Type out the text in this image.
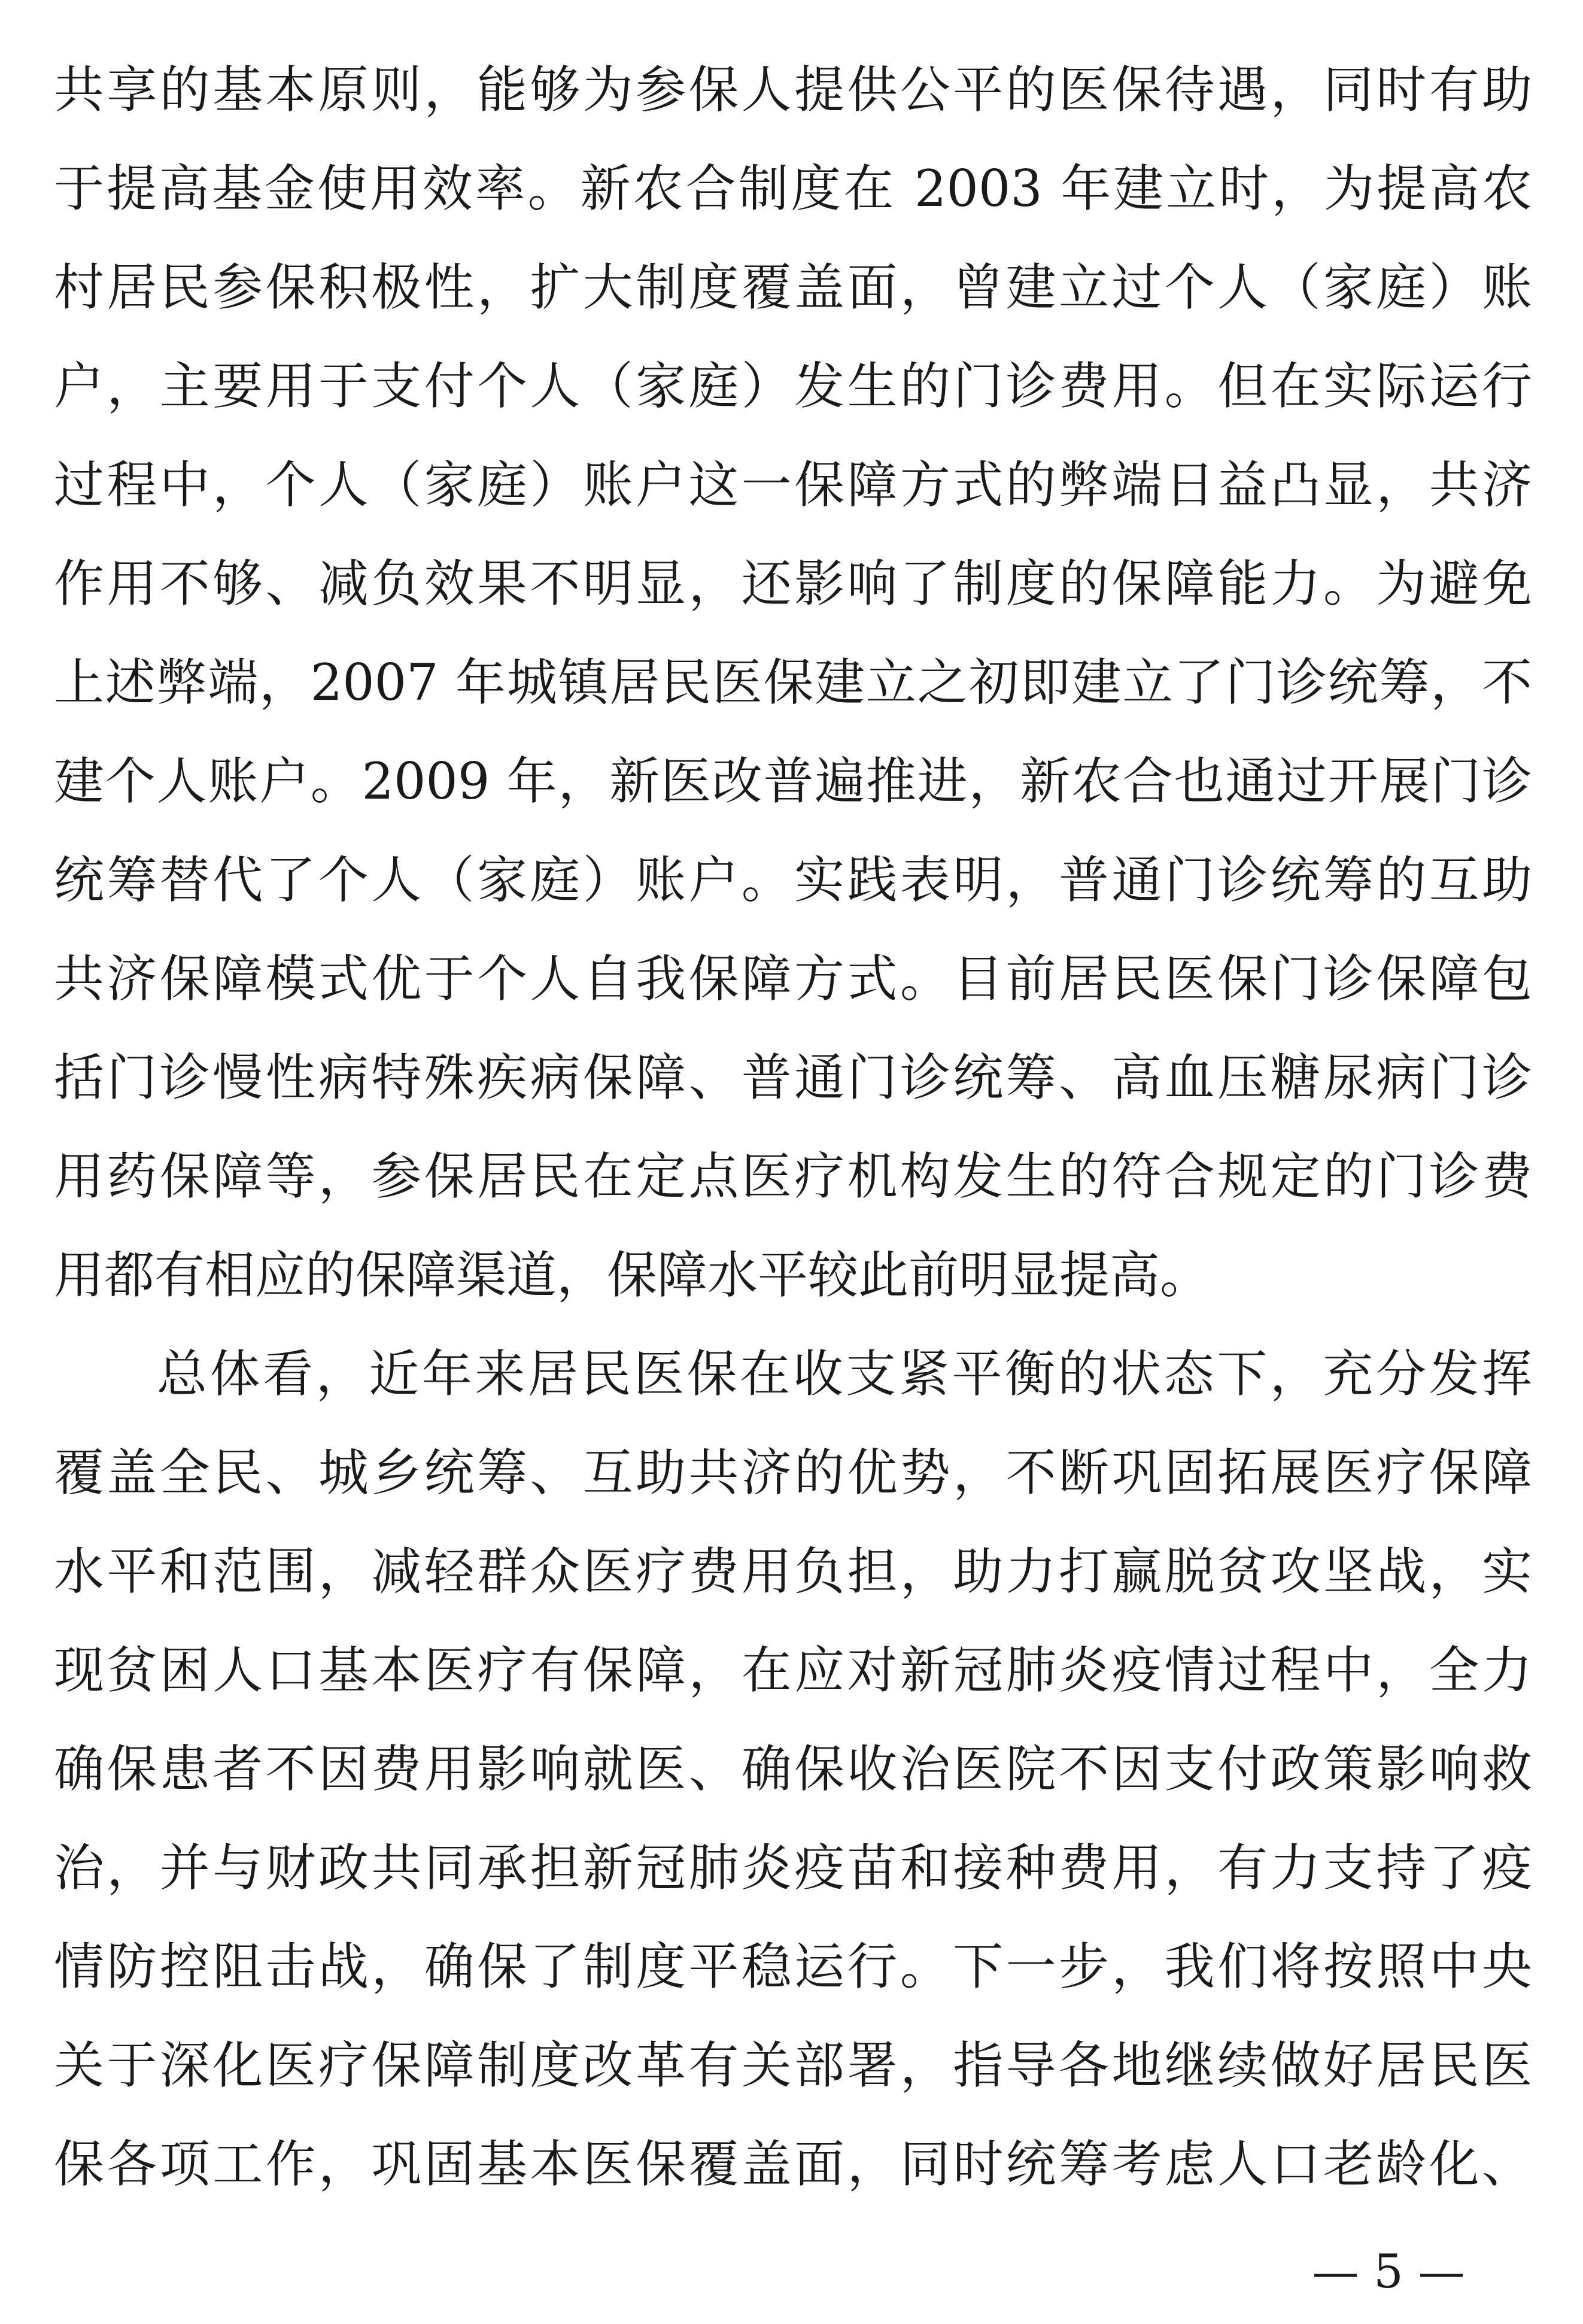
共享的基本原则，能够为参保人提供公平的医保待遇，同时有助
于提高基金使用效率。新农合制度在 2003 年建立时，为提高农
村居民参保积极性，扩大制度覆盖面，曾建立过个人（家庭）账
户，主要用于支付个人（家庭）发生的门诊费用。但在实际运行
过程中，个人（家庭）账户这一保障方式的弊端日益凸显，共济
作用不够、减负效果不明显，还影响了制度的保障能力。为避免
上述弊端，2007 年城镇居民医保建立之初即建立了门诊统筹，不
建个人账户。2009 年，新医改普遍推进，新农合也通过开展门诊
统筹替代了个人（家庭）账户。实践表明，普通门诊统筹的互助
共济保障模式优于个人自我保障方式。目前居民医保门诊保障包
括门诊慢性病特殊疾病保障、普通门诊统筹、高血压糖尿病门诊
用药保障等，参保居民在定点医疗机构发生的符合规定的门诊费
用都有相应的保障渠道，保障水平较此前明显提高。
总体看，近年来居民医保在收支紧平衡的状态下，充分发挥
覆盖全民、城乡统筹、互助共济的优势，不断巩固拓展医疗保障
水平和范围，减轻群众医疗费用负担，助力打赢脱贫攻坚战，实
现贫困人口基本医疗有保障，在应对新冠肺炎疫情过程中，全力
确保患者不因费用影响就医、确保收治医院不因支付政策影响救
治，并与财政共同承担新冠肺炎疫苗和接种费用，有力支持了疫
情防控阻击战，确保了制度平稳运行。下一步，我们将按照中央
关于深化医疗保障制度改革有关部署，指导各地继续做好居民医
保各项工作，巩固基本医保覆盖面，同时统筹考虑人口老龄化、
— 5 —
